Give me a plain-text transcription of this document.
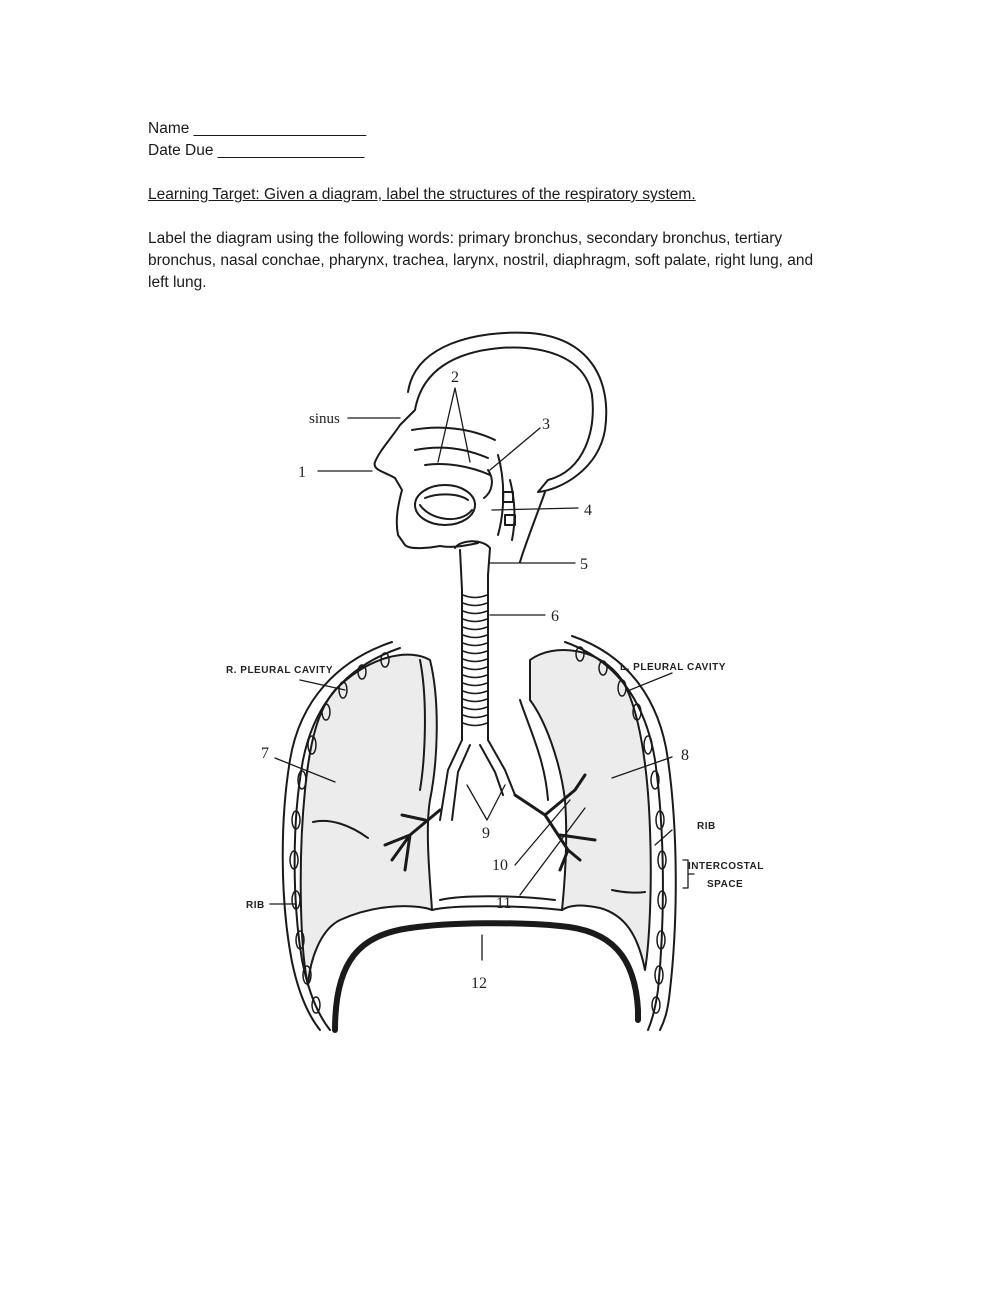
Name ____________________
Date Due _________________
Learning Target: Given a diagram, label the structures of the respiratory system.
Label the diagram using the following words: primary bronchus, secondary bronchus, tertiary bronchus, nasal conchae, pharynx, trachea, larynx, nostril, diaphragm, soft palate, right lung, and left lung.
sinus
1
2
3
4
5
6
7	8
9
10
11
12
R. PLEURAL CAVITY	L. PLEURAL CAVITY
RIB
RIB
INTERCOSTAL
SPACE
